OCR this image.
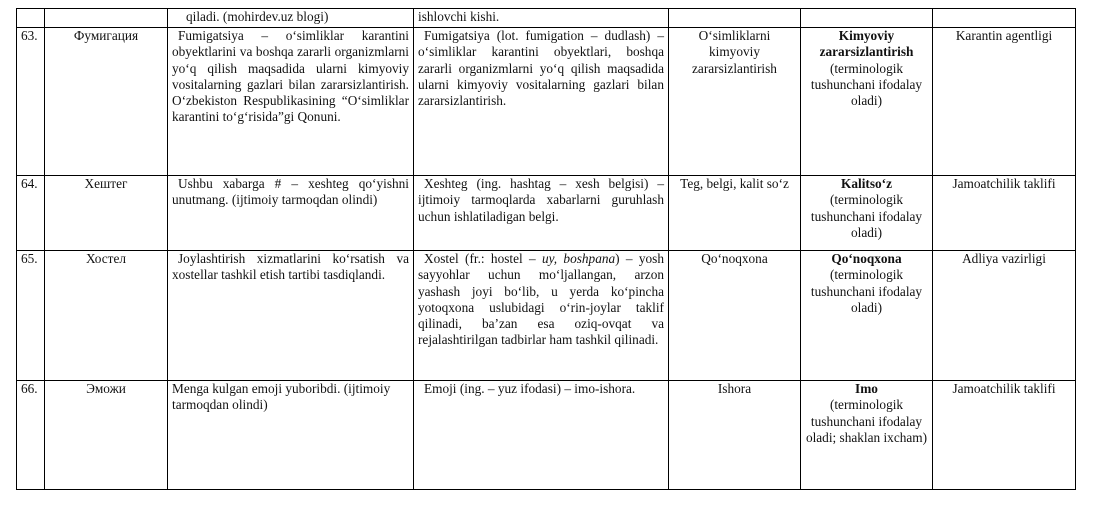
		qiladi. (mohirdev.uz blogi)	ishlovchi kishi.			
63.	Фумигация	Fumigatsiya – o‘simliklar karantini obyektlarini va boshqa zararli organizmlarni yo‘q qilish maqsadida ularni kimyoviy vositalarning gazlari bilan zararsizlantirish. O‘zbekiston Respublikasining “O‘simliklar karantini to‘g‘risida”gi Qonuni.	Fumigatsiya (lot. fumigation – dudlash) – o‘simliklar karantini obyektlari, boshqa zararli organizmlarni yo‘q qilish maqsadida ularni kimyoviy vositalarning gazlari bilan zararsizlantirish.	O‘simliklarni kimyoviy zararsizlantirish	Kimyoviy zararsizlantirish
(terminologik tushunchani ifodalay oladi)	Karantin agentligi
64.	Хештег	Ushbu xabarga # – xeshteg qo‘yishni unutmang. (ijtimoiy tarmoqdan olindi)	Xeshteg (ing. hashtag – xesh belgisi) – ijtimoiy tarmoqlarda xabarlarni guruhlash uchun ishlatiladigan belgi.	Teg, belgi, kalit so‘z	Kalitso‘z
(terminologik tushunchani ifodalay oladi)	Jamoatchilik taklifi
65.	Хостел	Joylashtirish xizmatlarini ko‘rsatish va xostellar tashkil etish tartibi tasdiqlandi.	Xostel (fr.: hostel – uy, boshpana) – yosh sayyohlar uchun mo‘ljallangan, arzon yashash joyi bo‘lib, u yerda ko‘pincha yotoqxona uslubidagi o‘rin-joylar taklif qilinadi, ba’zan esa oziq-ovqat va rejalashtirilgan tadbirlar ham tashkil qilinadi.	Qo‘noqxona	Qo‘noqxona
(terminologik tushunchani ifodalay oladi)	Adliya vazirligi
66.	Эможи	Menga kulgan emoji yuboribdi. (ijtimoiy tarmoqdan olindi)	Emoji (ing. – yuz ifodasi) – imo-ishora.	Ishora	Imo
(terminologik tushunchani ifodalay oladi; shaklan ixcham)	Jamoatchilik taklifi
